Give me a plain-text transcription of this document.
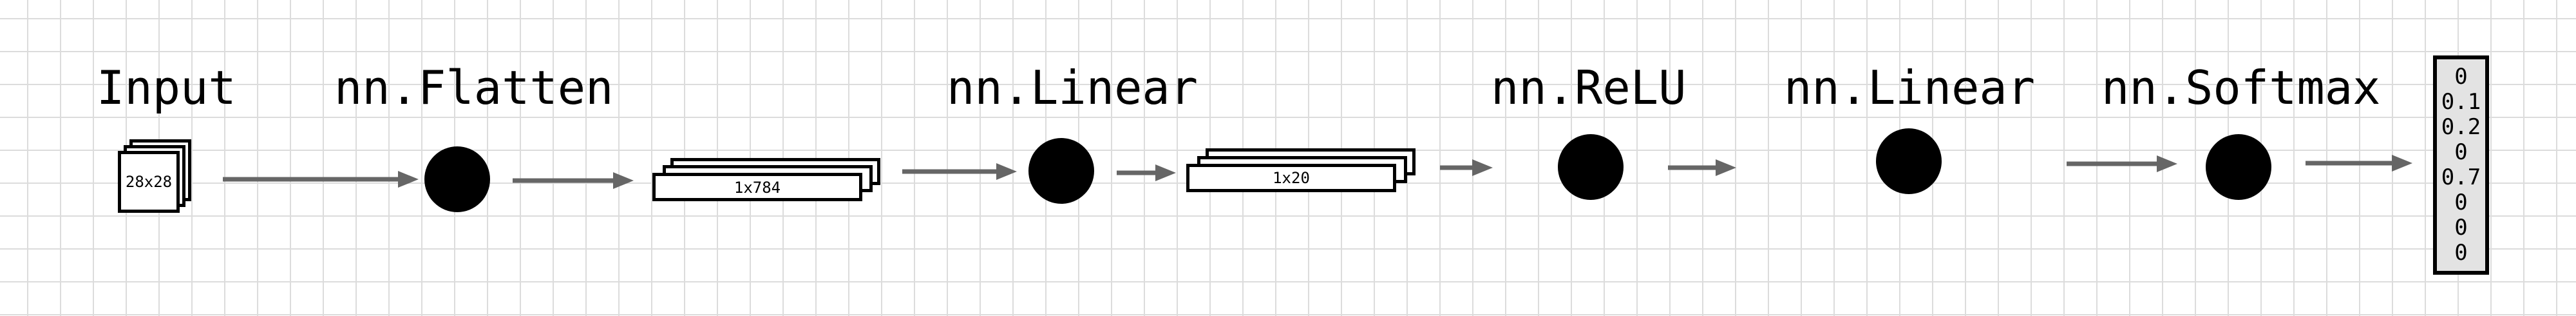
Input nn.Flatten	nn.Linear	nn.ReLU nn.Linear nn.Softmax
28x28	1x784
1x20
0
0.1
0.2
0
0.7
0
0
0
